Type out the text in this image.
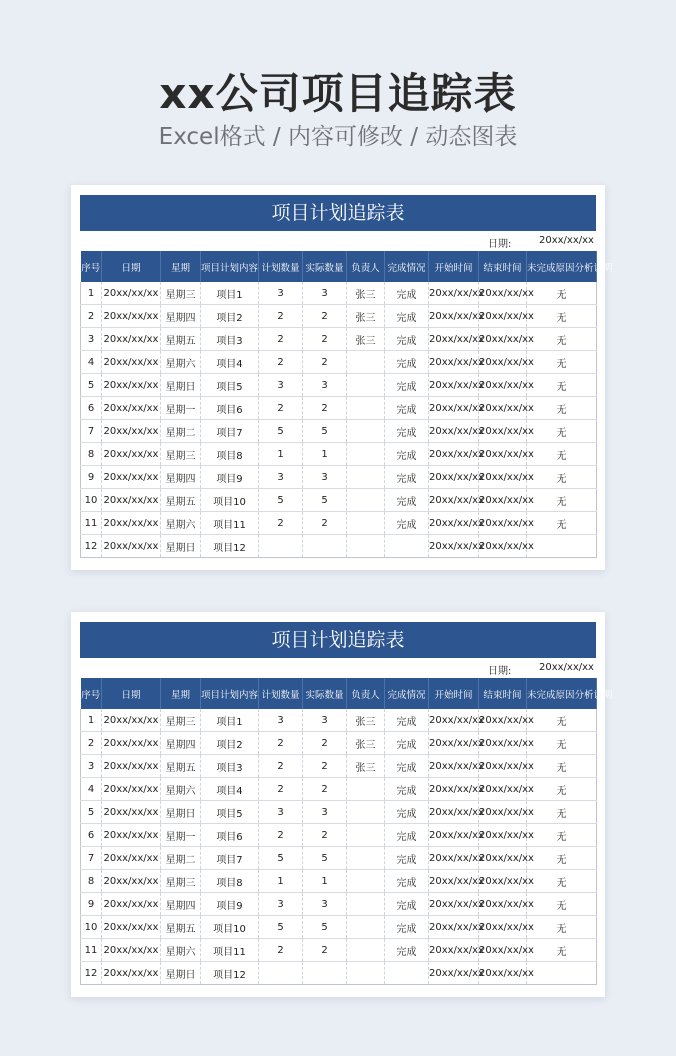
xx公司项目追踪表
Excel格式 / 内容可修改 / 动态图表
项目计划追踪表
日期:	20xx/xx/xx
序号	日期	星期	项目计划内容	计划数量	实际数量	负责人	完成情况	开始时间	结束时间	未完成原因分析说明
1	20xx/xx/xx	星期三	项目1	3	3	张三	完成	20xx/xx/xx	20xx/xx/xx	无
2	20xx/xx/xx	星期四	项目2	2	2	张三	完成	20xx/xx/xx	20xx/xx/xx	无
3	20xx/xx/xx	星期五	项目3	2	2	张三	完成	20xx/xx/xx	20xx/xx/xx	无
4	20xx/xx/xx	星期六	项目4	2	2		完成	20xx/xx/xx	20xx/xx/xx	无
5	20xx/xx/xx	星期日	项目5	3	3		完成	20xx/xx/xx	20xx/xx/xx	无
6	20xx/xx/xx	星期一	项目6	2	2		完成	20xx/xx/xx	20xx/xx/xx	无
7	20xx/xx/xx	星期二	项目7	5	5		完成	20xx/xx/xx	20xx/xx/xx	无
8	20xx/xx/xx	星期三	项目8	1	1		完成	20xx/xx/xx	20xx/xx/xx	无
9	20xx/xx/xx	星期四	项目9	3	3		完成	20xx/xx/xx	20xx/xx/xx	无
10	20xx/xx/xx	星期五	项目10	5	5		完成	20xx/xx/xx	20xx/xx/xx	无
11	20xx/xx/xx	星期六	项目11	2	2		完成	20xx/xx/xx	20xx/xx/xx	无
12	20xx/xx/xx	星期日	项目12					20xx/xx/xx	20xx/xx/xx	
项目计划追踪表
日期:	20xx/xx/xx
序号	日期	星期	项目计划内容	计划数量	实际数量	负责人	完成情况	开始时间	结束时间	未完成原因分析说明
1	20xx/xx/xx	星期三	项目1	3	3	张三	完成	20xx/xx/xx	20xx/xx/xx	无
2	20xx/xx/xx	星期四	项目2	2	2	张三	完成	20xx/xx/xx	20xx/xx/xx	无
3	20xx/xx/xx	星期五	项目3	2	2	张三	完成	20xx/xx/xx	20xx/xx/xx	无
4	20xx/xx/xx	星期六	项目4	2	2		完成	20xx/xx/xx	20xx/xx/xx	无
5	20xx/xx/xx	星期日	项目5	3	3		完成	20xx/xx/xx	20xx/xx/xx	无
6	20xx/xx/xx	星期一	项目6	2	2		完成	20xx/xx/xx	20xx/xx/xx	无
7	20xx/xx/xx	星期二	项目7	5	5		完成	20xx/xx/xx	20xx/xx/xx	无
8	20xx/xx/xx	星期三	项目8	1	1		完成	20xx/xx/xx	20xx/xx/xx	无
9	20xx/xx/xx	星期四	项目9	3	3		完成	20xx/xx/xx	20xx/xx/xx	无
10	20xx/xx/xx	星期五	项目10	5	5		完成	20xx/xx/xx	20xx/xx/xx	无
11	20xx/xx/xx	星期六	项目11	2	2		完成	20xx/xx/xx	20xx/xx/xx	无
12	20xx/xx/xx	星期日	项目12					20xx/xx/xx	20xx/xx/xx	
